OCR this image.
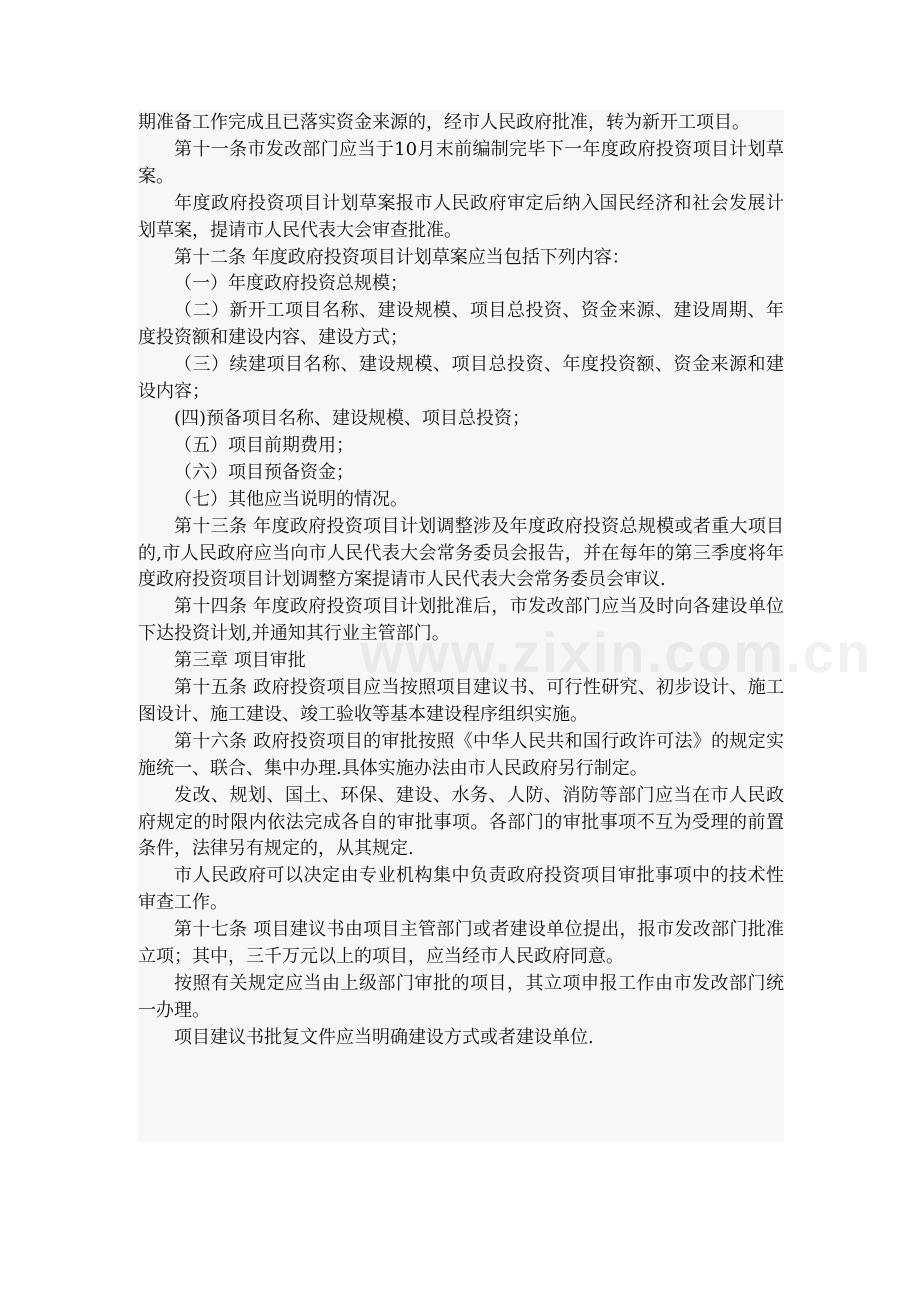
期准备工作完成且已落实资金来源的，经市人民政府批准，转为新开工项目。

第十一条市发改部门应当于10月末前编制完毕下一年度政府投资项目计划草案。

年度政府投资项目计划草案报市人民政府审定后纳入国民经济和社会发展计划草案，提请市人民代表大会审查批准。

第十二条 年度政府投资项目计划草案应当包括下列内容：

（一）年度政府投资总规模；

（二）新开工项目名称、建设规模、项目总投资、资金来源、建设周期、年度投资额和建设内容、建设方式；

（三）续建项目名称、建设规模、项目总投资、年度投资额、资金来源和建设内容；

(四)预备项目名称、建设规模、项目总投资；

（五）项目前期费用；

（六）项目预备资金；

（七）其他应当说明的情况。

第十三条 年度政府投资项目计划调整涉及年度政府投资总规模或者重大项目的,市人民政府应当向市人民代表大会常务委员会报告，并在每年的第三季度将年度政府投资项目计划调整方案提请市人民代表大会常务委员会审议.

第十四条 年度政府投资项目计划批准后，市发改部门应当及时向各建设单位下达投资计划,并通知其行业主管部门。

第三章 项目审批

第十五条 政府投资项目应当按照项目建议书、可行性研究、初步设计、施工图设计、施工建设、竣工验收等基本建设程序组织实施。

第十六条 政府投资项目的审批按照《中华人民共和国行政许可法》的规定实施统一、联合、集中办理.具体实施办法由市人民政府另行制定。

发改、规划、国土、环保、建设、水务、人防、消防等部门应当在市人民政府规定的时限内依法完成各自的审批事项。各部门的审批事项不互为受理的前置条件，法律另有规定的，从其规定.

市人民政府可以决定由专业机构集中负责政府投资项目审批事项中的技术性审查工作。

第十七条 项目建议书由项目主管部门或者建设单位提出，报市发改部门批准立项；其中，三千万元以上的项目，应当经市人民政府同意。

按照有关规定应当由上级部门审批的项目，其立项申报工作由市发改部门统一办理。

项目建议书批复文件应当明确建设方式或者建设单位.
